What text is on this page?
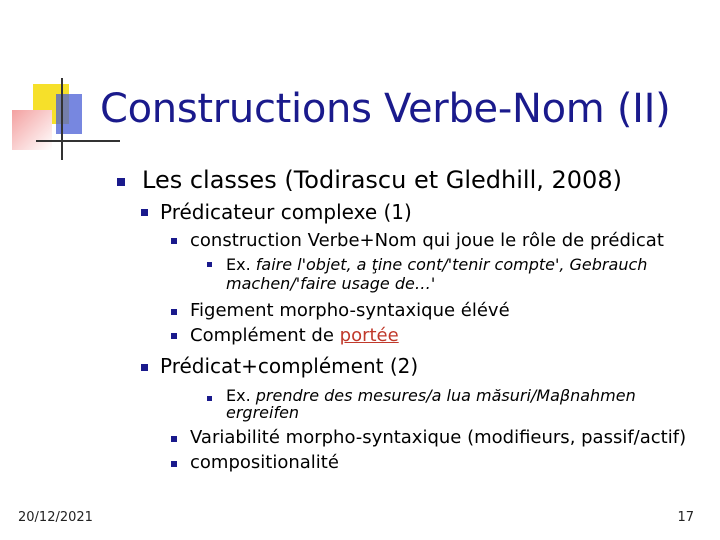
Constructions Verbe-Nom (II)
Les classes (Todirascu et Gledhill, 2008)
Prédicateur complexe (1)
construction Verbe+Nom qui joue le rôle de prédicat
Ex. faire l'objet, a ţine cont/'tenir compte', Gebrauch
machen/'faire usage de…'
Figement morpho-syntaxique élévé
Complément de portée
Prédicat+complément (2)
Ex. prendre des mesures/a lua măsuri/Maβnahmen
ergreifen
Variabilité morpho-syntaxique (modifieurs, passif/actif)
compositionalité
20/12/2021	17
